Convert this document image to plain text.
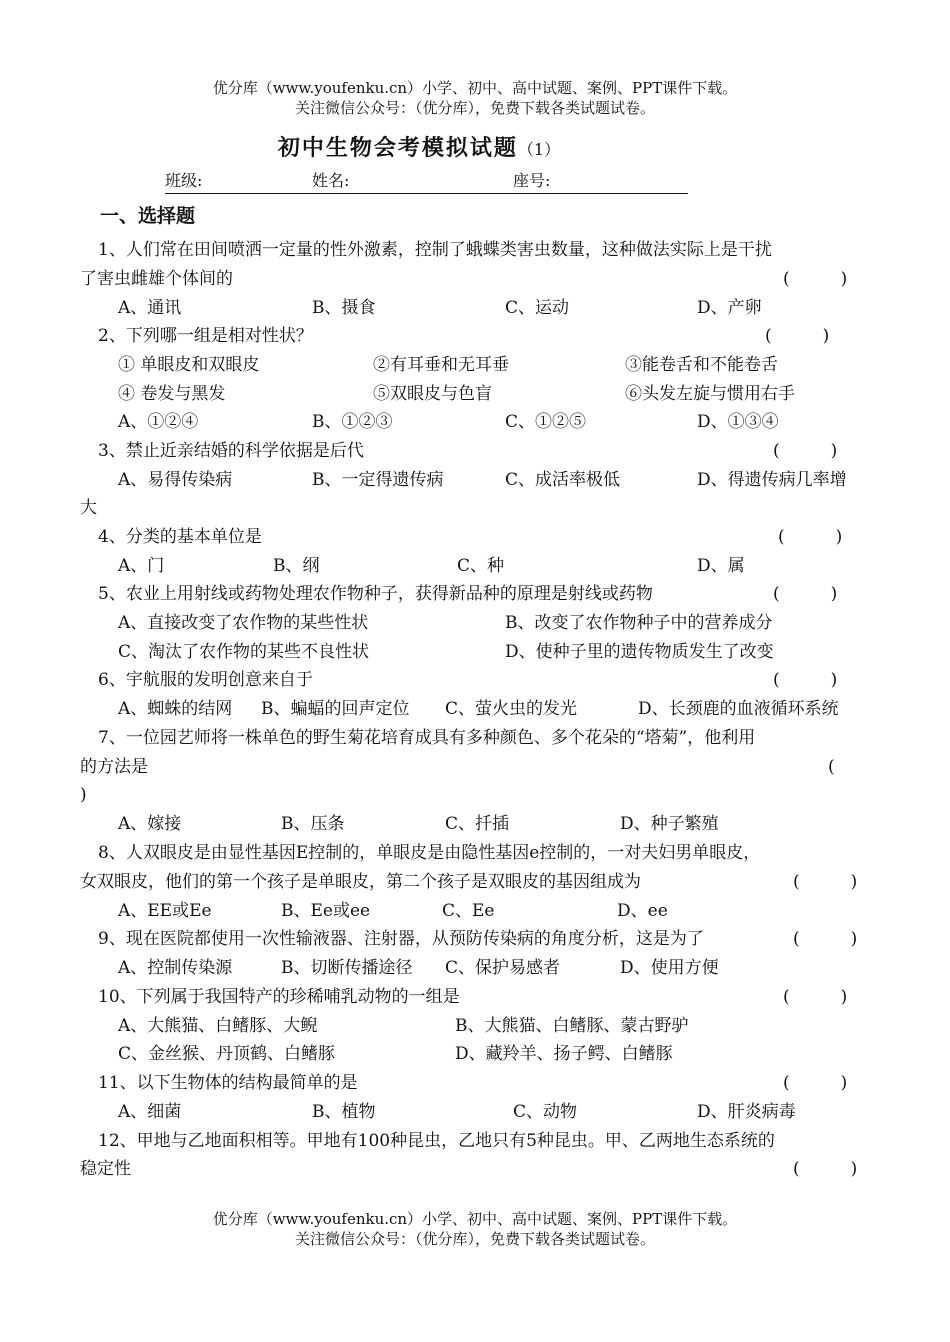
优分库（www.youfenku.cn）小学、初中、高中试题、案例、PPT课件下载。
关注微信公众号：（优分库），免费下载各类试题试卷。
初中生物会考模拟试题（1）
班级:	姓名:	座号:
一、选择题
1、人们常在田间喷洒一定量的性外激素，控制了蛾蝶类害虫数量，这种做法实际上是干扰
了害虫雌雄个体间的	(　　　)
A、通讯	B、摄食	C、运动	D、产卵
2、下列哪一组是相对性状？	(　　　)
① 单眼皮和双眼皮	②有耳垂和无耳垂	③能卷舌和不能卷舌
④ 卷发与黑发	⑤双眼皮与色盲	⑥头发左旋与惯用右手
A、①②④	B、①②③	C、①②⑤	D、①③④
3、禁止近亲结婚的科学依据是后代	(　　　)
A、易得传染病	B、一定得遗传病	C、成活率极低	D、得遗传病几率增
大
4、分类的基本单位是	(　　　)
A、门	B、纲	C、种	D、属
5、农业上用射线或药物处理农作物种子，获得新品种的原理是射线或药物	(　　　)
A、直接改变了农作物的某些性状	B、改变了农作物种子中的营养成分
C、淘汰了农作物的某些不良性状	D、使种子里的遗传物质发生了改变
6、宇航服的发明创意来自于	(　　　)
A、蜘蛛的结网 B、蝙蝠的回声定位 C、萤火虫的发光	D、长颈鹿的血液循环系统
7、一位园艺师将一株单色的野生菊花培育成具有多种颜色、多个花朵的“塔菊”，他利用
的方法是	(
)
A、嫁接	B、压条	C、扦插	D、种子繁殖
8、人双眼皮是由显性基因E控制的，单眼皮是由隐性基因e控制的，一对夫妇男单眼皮，
女双眼皮，他们的第一个孩子是单眼皮，第二个孩子是双眼皮的基因组成为	(　　　)
A、EE或Ee	B、Ee或ee	C、Ee	D、ee
9、现在医院都使用一次性输液器、注射器，从预防传染病的角度分析，这是为了	(　　　)
A、控制传染源	B、切断传播途径 C、保护易感者	D、使用方便
10、下列属于我国特产的珍稀哺乳动物的一组是	(　　　)
A、大熊猫、白鳍豚、大鲵	B、大熊猫、白鳍豚、蒙古野驴
C、金丝猴、丹顶鹤、白鳍豚	D、藏羚羊、扬子鳄、白鳍豚
11、以下生物体的结构最简单的是	(　　　)
A、细菌	B、植物	C、动物	D、肝炎病毒
12、甲地与乙地面积相等。甲地有100种昆虫，乙地只有5种昆虫。甲、乙两地生态系统的
稳定性	(　　　)
优分库（www.youfenku.cn）小学、初中、高中试题、案例、PPT课件下载。
关注微信公众号：（优分库），免费下载各类试题试卷。
